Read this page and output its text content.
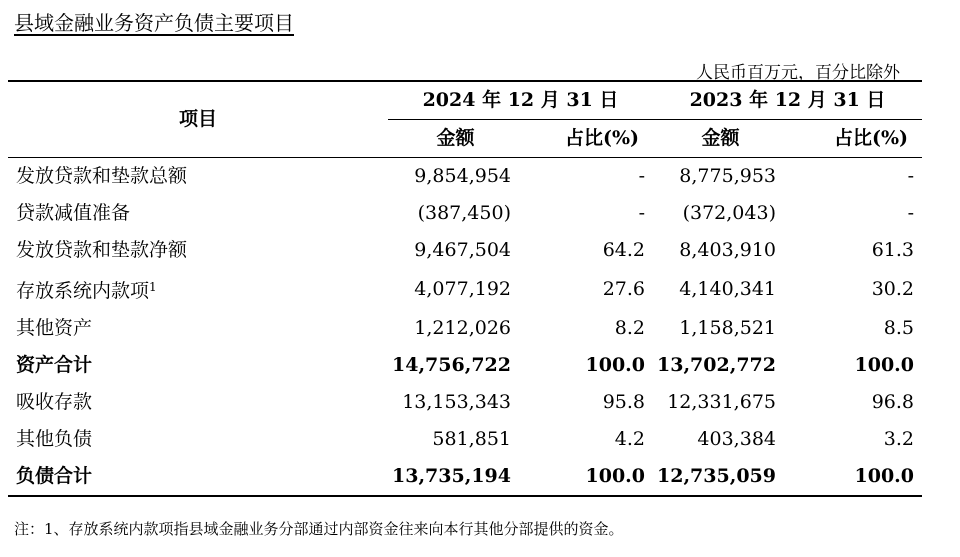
县域金融业务资产负债主要项目
人民币百万元，百分比除外
项目	2024 年 12 月 31 日		2023 年 12 月 31 日	
	金额	占比(%)	金额	占比(%)
发放贷款和垫款总额	9,854,954	-	8,775,953	-
贷款减值准备	(387,450)	-	(372,043)	-
发放贷款和垫款净额	9,467,504	64.2	8,403,910	61.3
存放系统内款项$^1$	4,077,192	27.6	4,140,341	30.2
其他资产	1,212,026	8.2	1,158,521	8.5
资产合计	14,756,722	100.0	13,702,772	100.0
吸收存款	13,153,343	95.8	12,331,675	96.8
其他负债	581,851	4.2	403,384	3.2
负债合计	13,735,194	100.0	12,735,059	100.0
注：1、存放系统内款项指县域金融业务分部通过内部资金往来向本行其他分部提供的资金。
